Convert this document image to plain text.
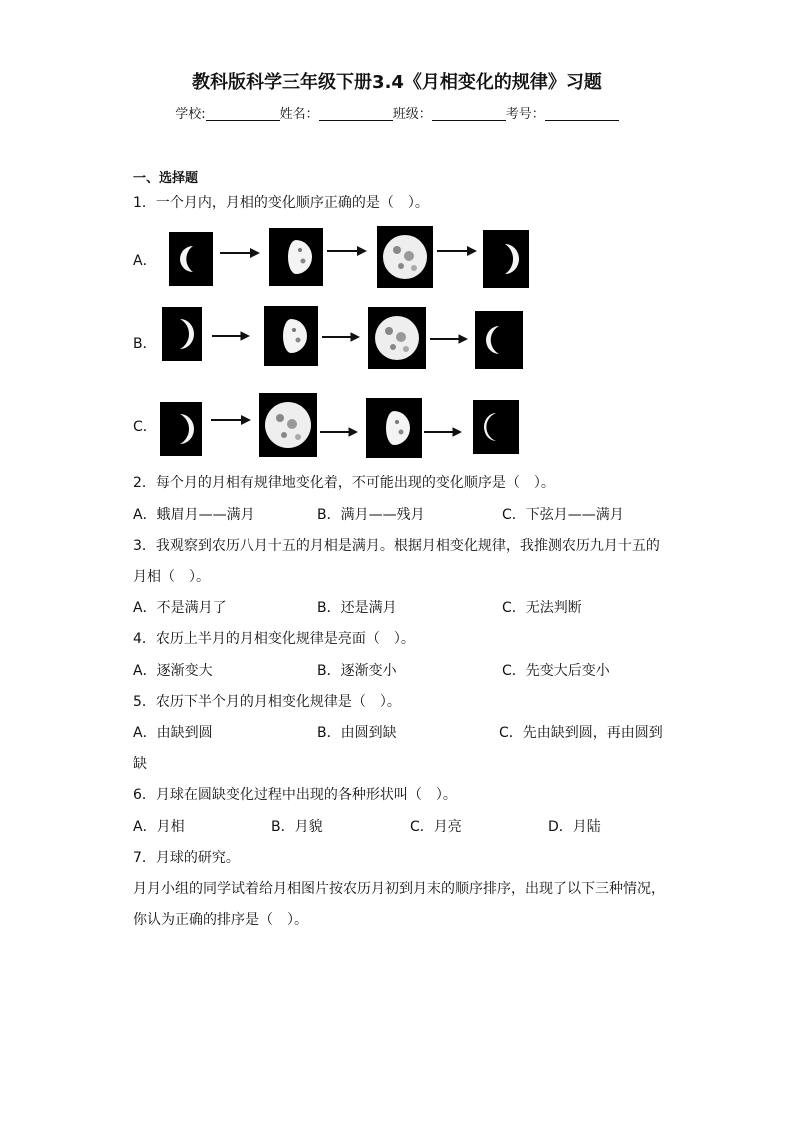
教科版科学三年级下册3.4《月相变化的规律》习题
学校:	姓名：	班级：	考号：
一、选择题
1．一个月内，月相的变化顺序正确的是（　）。
A．
B．
C．
2．每个月的月相有规律地变化着，不可能出现的变化顺序是（　）。
A．蛾眉月——满月	B．满月——残月	C．下弦月——满月
3．我观察到农历八月十五的月相是满月。根据月相变化规律，我推测农历九月十五的
月相（　）。
A．不是满月了	B．还是满月	C．无法判断
4．农历上半月的月相变化规律是亮面（　）。
A．逐渐变大	B．逐渐变小	C．先变大后变小
5．农历下半个月的月相变化规律是（　）。
A．由缺到圆	B．由圆到缺	C．先由缺到圆，再由圆到
缺
6．月球在圆缺变化过程中出现的各种形状叫（　）。
A．月相	B．月貌	C．月亮	D．月陆
7．月球的研究。
月月小组的同学试着给月相图片按农历月初到月末的顺序排序，出现了以下三种情况，
你认为正确的排序是（　）。
